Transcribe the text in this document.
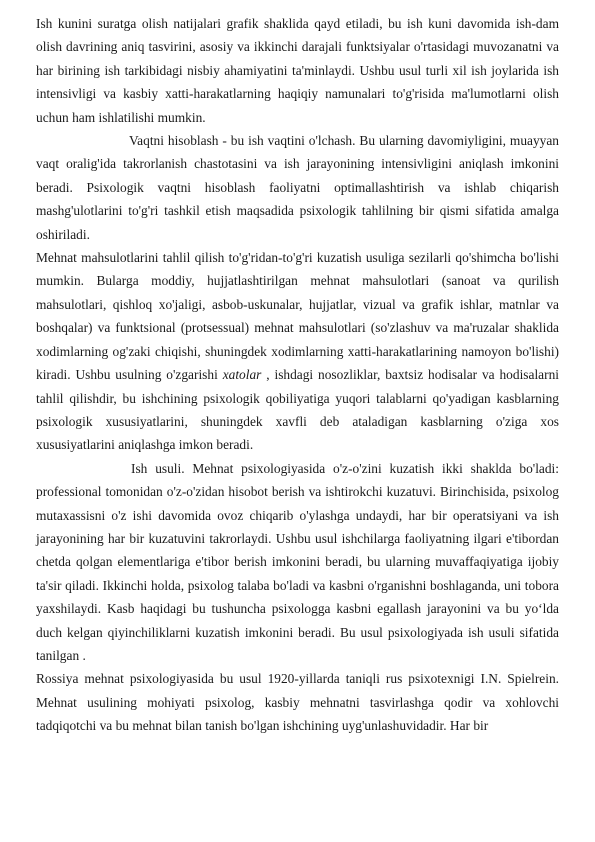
Ish kunini suratga olish natijalari grafik shaklida qayd etiladi, bu ish kuni davomida ish-dam olish davrining aniq tasvirini, asosiy va ikkinchi darajali funktsiyalar o'rtasidagi muvozanatni va har birining ish tarkibidagi nisbiy ahamiyatini ta'minlaydi. Ushbu usul turli xil ish joylarida ish intensivligi va kasbiy xatti-harakatlarning haqiqiy namunalari to'g'risida ma'lumotlarni olish uchun ham ishlatilishi mumkin.

Vaqtni hisoblash - bu ish vaqtini o'lchash. Bu ularning davomiyligini, muayyan vaqt oralig'ida takrorlanish chastotasini va ish jarayonining intensivligini aniqlash imkonini beradi. Psixologik vaqtni hisoblash faoliyatni optimallashtirish va ishlab chiqarish mashg'ulotlarini to'g'ri tashkil etish maqsadida psixologik tahlilning bir qismi sifatida amalga oshiriladi.

Mehnat mahsulotlarini tahlil qilish to'g'ridan-to'g'ri kuzatish usuliga sezilarli qo'shimcha bo'lishi mumkin. Bularga moddiy, hujjatlashtirilgan mehnat mahsulotlari (sanoat va qurilish mahsulotlari, qishloq xo'jaligi, asbob-uskunalar, hujjatlar, vizual va grafik ishlar, matnlar va boshqalar) va funktsional (protsessual) mehnat mahsulotlari (so'zlashuv va ma'ruzalar shaklida xodimlarning og'zaki chiqishi, shuningdek xodimlarning xatti-harakatlarining namoyon bo'lishi) kiradi. Ushbu usulning o'zgarishi xatolar , ishdagi nosozliklar, baxtsiz hodisalar va hodisalarni tahlil qilishdir, bu ishchining psixologik qobiliyatiga yuqori talablarni qo'yadigan kasblarning psixologik xususiyatlarini, shuningdek xavfli deb ataladigan kasblarning o'ziga xos xususiyatlarini aniqlashga imkon beradi.

Ish usuli. Mehnat psixologiyasida o'z-o'zini kuzatish ikki shaklda bo'ladi: professional tomonidan o'z-o'zidan hisobot berish va ishtirokchi kuzatuvi. Birinchisida, psixolog mutaxassisni o'z ishi davomida ovoz chiqarib o'ylashga undaydi, har bir operatsiyani va ish jarayonining har bir kuzatuvini takrorlaydi. Ushbu usul ishchilarga faoliyatning ilgari e'tibordan chetda qolgan elementlariga e'tibor berish imkonini beradi, bu ularning muvaffaqiyatiga ijobiy ta'sir qiladi. Ikkinchi holda, psixolog talaba bo'ladi va kasbni o'rganishni boshlaganda, uni tobora yaxshilaydi. Kasb haqidagi bu tushuncha psixologga kasbni egallash jarayonini va bu yo‘lda duch kelgan qiyinchiliklarni kuzatish imkonini beradi. Bu usul psixologiyada ish usuli sifatida tanilgan .

Rossiya mehnat psixologiyasida bu usul 1920-yillarda taniqli rus psixotexnigi I.N. Spielrein. Mehnat usulining mohiyati psixolog, kasbiy mehnatni tasvirlashga qodir va xohlovchi tadqiqotchi va bu mehnat bilan tanish bo'lgan ishchining uyg'unlashuvidadir. Har bir
